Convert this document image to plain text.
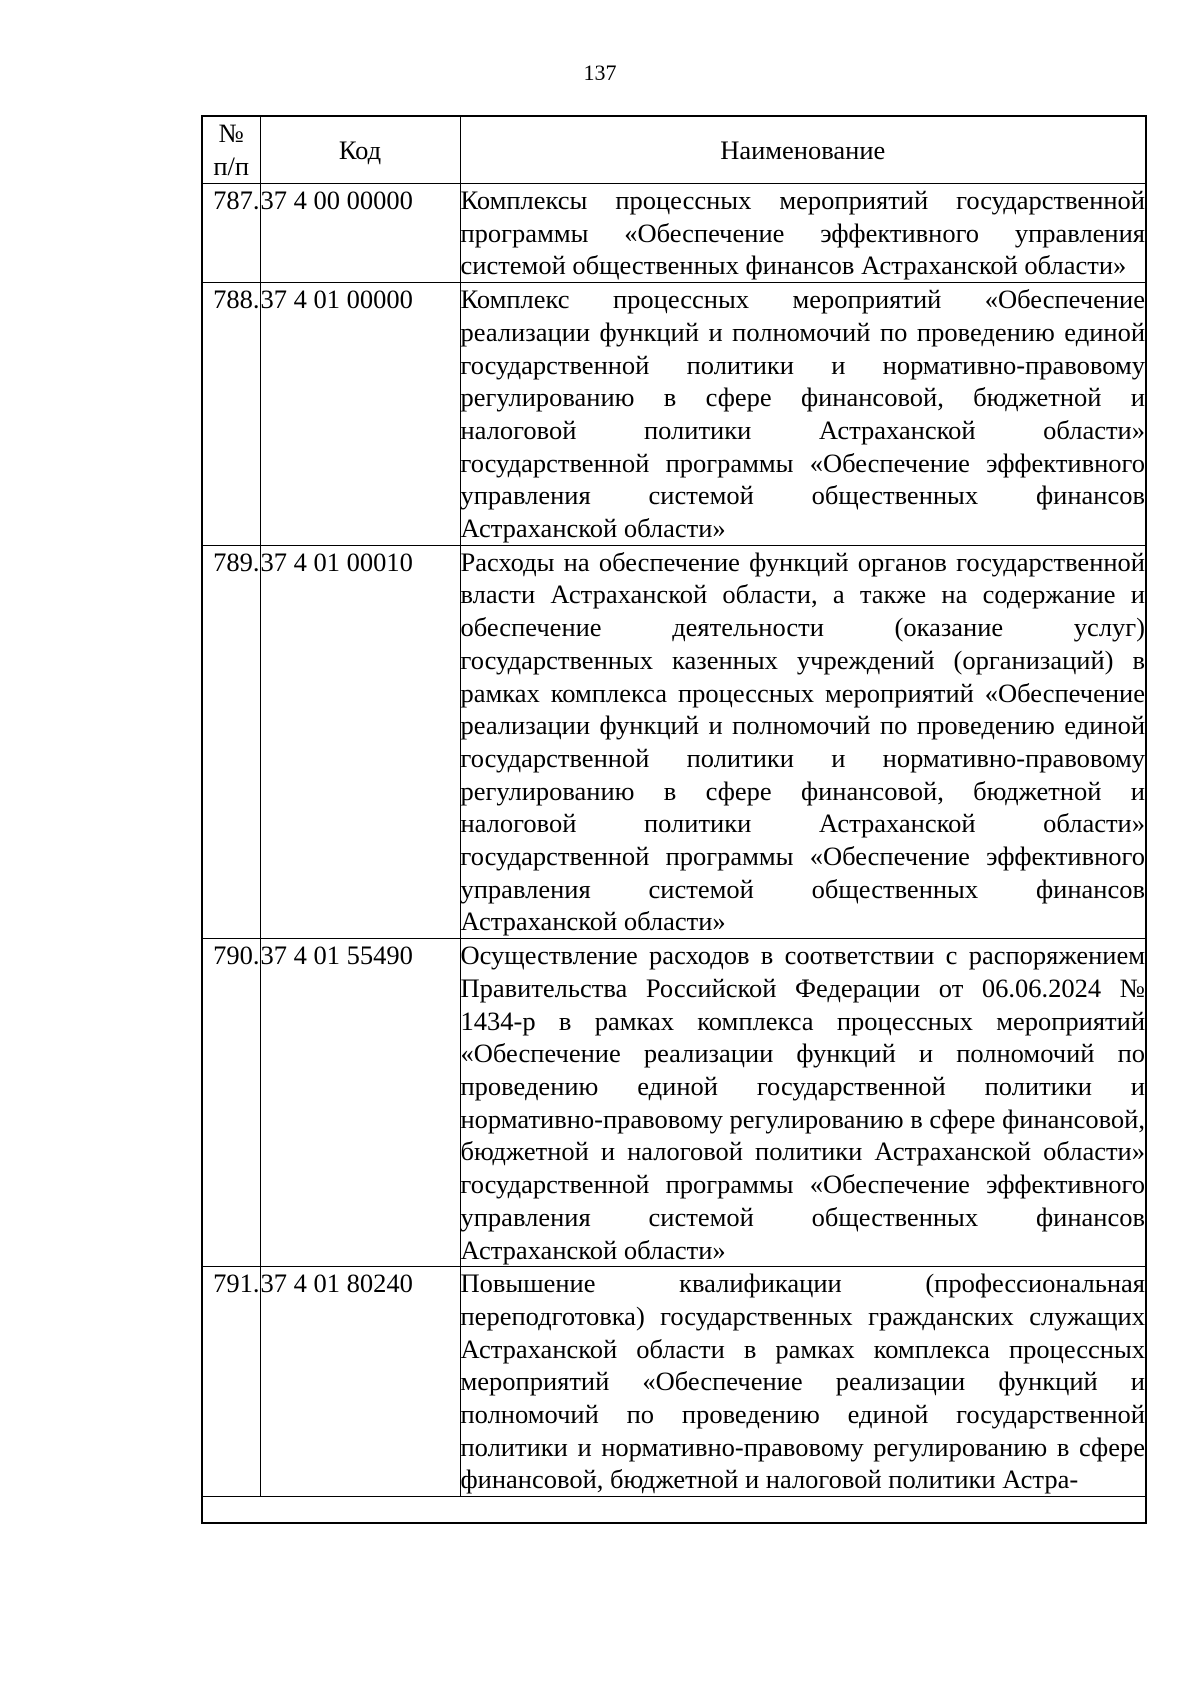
137
№
п/п	Код	Наименование
787.	37 4 00 00000	Комплексы процессных мероприятий государственной программы «Обеспечение эффективного управления системой общественных финансов Астраханской области»
788.	37 4 01 00000	Комплекс процессных мероприятий «Обеспечение реализации функций и полномочий по проведению единой государственной политики и нормативно-правовому регулированию в сфере финансовой, бюджетной и налоговой политики Астраханской области» государственной программы «Обеспечение эффективного управления системой общественных финансов Астраханской области»
789.	37 4 01 00010	Расходы на обеспечение функций органов государственной власти Астраханской области, а также на содержание и обеспечение деятельности (оказание услуг) государственных казенных учреждений (организаций) в рамках комплекса процессных мероприятий «Обеспечение реализации функций и полномочий по проведению единой государственной политики и нормативно-правовому регулированию в сфере финансовой, бюджетной и налоговой политики Астраханской области» государственной программы «Обеспечение эффективного управления системой общественных финансов Астраханской области»
790.	37 4 01 55490	Осуществление расходов в соответствии с распоряжением Правительства Российской Федерации от 06.06.2024 № 1434-р в рамках комплекса процессных мероприятий «Обеспечение реализации функций и полномочий по проведению единой государственной политики и нормативно-правовому регулированию в сфере финансовой, бюджетной и налоговой политики Астраханской области» государственной программы «Обеспечение эффективного управления системой общественных финансов Астраханской области»
791.	37 4 01 80240	Повышение квалификации (профессиональная переподготовка) государственных гражданских служащих Астраханской области в рамках комплекса процессных мероприятий «Обеспечение реализации функций и полномочий по проведению единой государственной политики и нормативно-правовому регулированию в сфере финансовой, бюджетной и налоговой политики Астра-
